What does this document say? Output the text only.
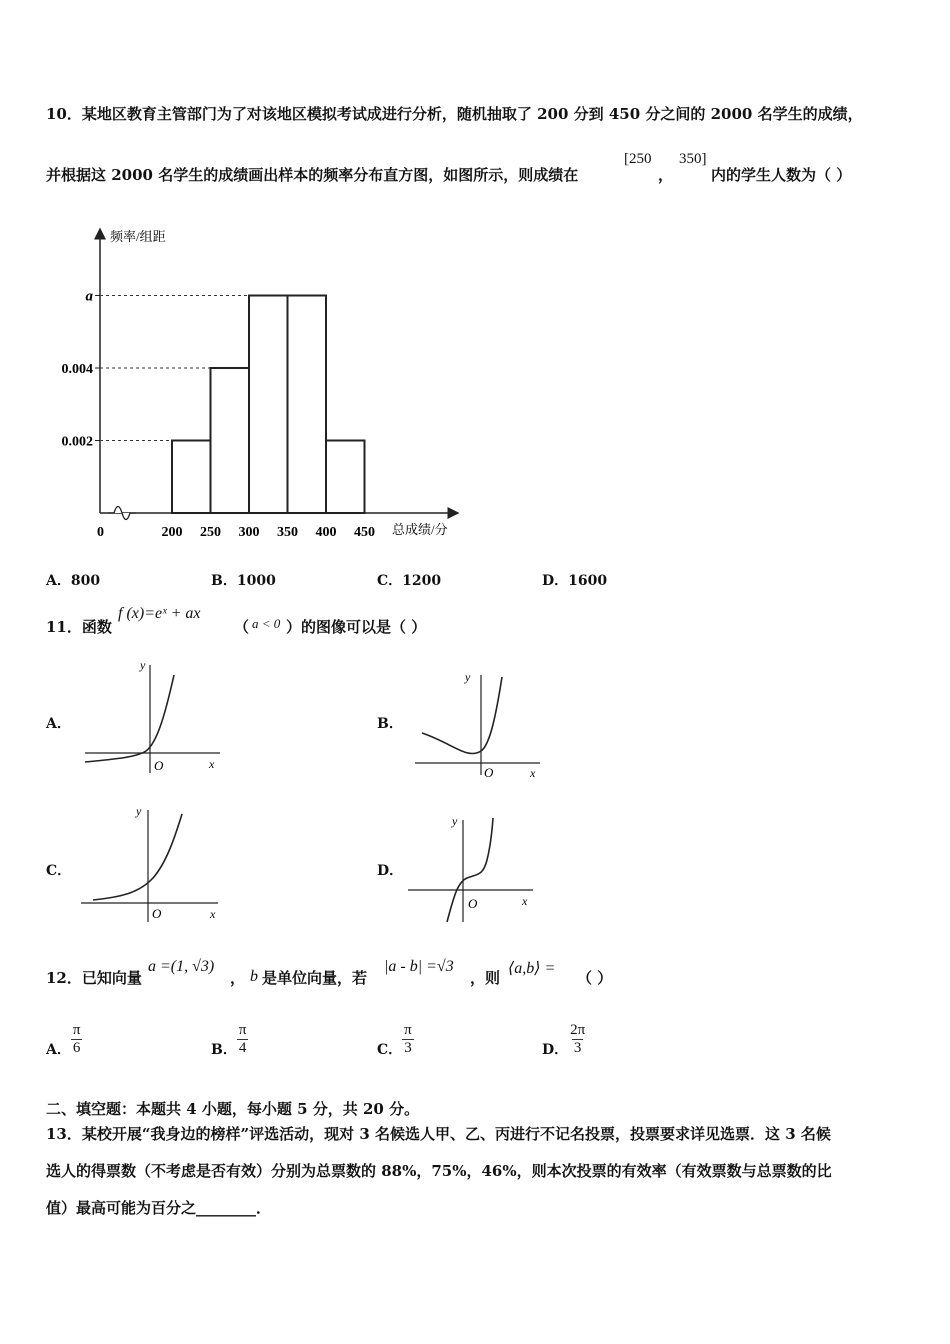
10．某地区教育主管部门为了对该地区模拟考试成进行分析，随机抽取了 200 分到 450 分之间的 2000 名学生的成绩，
并根据这 2000 名学生的成绩画出样本的频率分布直方图，如图所示，则成绩在
[250
，
350]
内的学生人数为（ ）
频率/组距
总成绩/分
0
0.002
0.004
a
200 250 300 350 400 450
A．800	B．1000	C．1200	D．1600
11．函数
f (x)=eˣ + ax
（ a < 0 ）的图像可以是（ ）
A．	B．
C．	D．
y
x
O
y
x
O
y
x
O
y
x
O
12．已知向量
a =(1, √3)
， b 是单位向量，若
|a - b| =√3
，则
⟨a,b⟩ =
（ ）
A． $\frac{\pi}{6}$	B． $\frac{\pi}{4}$	C． $\frac{\pi}{3}$	D． $\frac{2\pi}{3}$
二、填空题：本题共 4 小题，每小题 5 分，共 20 分。
13．某校开展“我身边的榜样”评选活动，现对 3 名候选人甲、乙、丙进行不记名投票，投票要求详见选票．这 3 名候
选人的得票数（不考虑是否有效）分别为总票数的 88%，75%，46%，则本次投票的有效率（有效票数与总票数的比
值）最高可能为百分之________．
